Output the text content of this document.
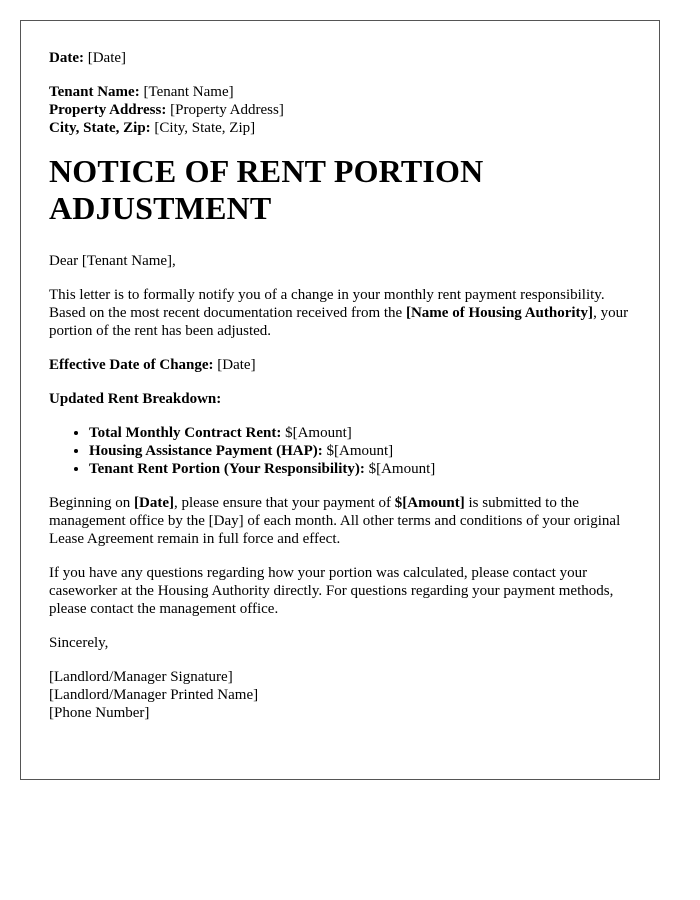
Date: [Date]

Tenant Name: [Tenant Name]
Property Address: [Property Address]
City, State, Zip: [City, State, Zip]
NOTICE OF RENT PORTION ADJUSTMENT

Dear [Tenant Name],

This letter is to formally notify you of a change in your monthly rent payment responsibility. Based on the most recent documentation received from the [Name of Housing Authority], your portion of the rent has been adjusted.

Effective Date of Change: [Date]

Updated Rent Breakdown:

• Total Monthly Contract Rent: $[Amount]
• Housing Assistance Payment (HAP): $[Amount]
• Tenant Rent Portion (Your Responsibility): $[Amount]

Beginning on [Date], please ensure that your payment of $[Amount] is submitted to the management office by the [Day] of each month. All other terms and conditions of your original Lease Agreement remain in full force and effect.

If you have any questions regarding how your portion was calculated, please contact your caseworker at the Housing Authority directly. For questions regarding your payment methods, please contact the management office.

Sincerely,

[Landlord/Manager Signature]
[Landlord/Manager Printed Name]
[Phone Number]
